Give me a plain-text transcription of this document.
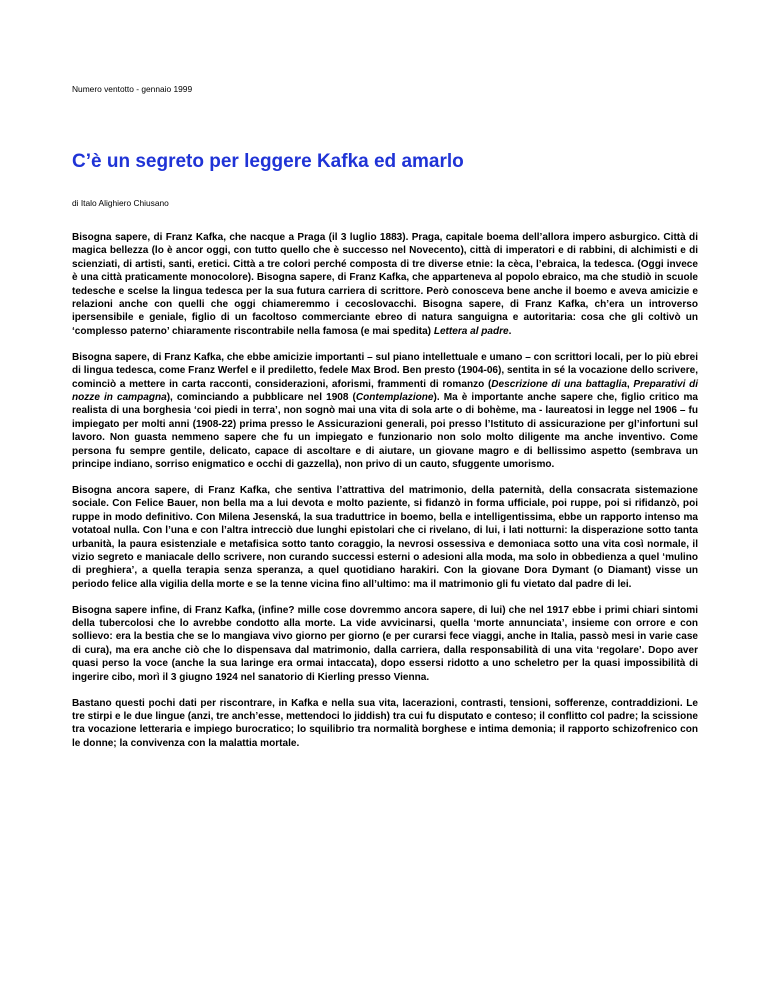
Numero ventotto - gennaio 1999
C’è un segreto per leggere Kafka ed amarlo
di Italo Alighiero Chiusano

Bisogna sapere, di Franz Kafka, che nacque a Praga (il 3 luglio 1883). Praga, capitale boema dell’allora impero asburgico. Città di magica bellezza (lo è ancor oggi, con tutto quello che è successo nel Novecento), città di imperatori e di rabbini, di alchimisti e di scienziati, di artisti, santi, eretici. Città a tre colori perché composta di tre diverse etnie: la cèca, l’ebraica, la tedesca. (Oggi invece è una città praticamente monocolore). Bisogna sapere, di Franz Kafka, che apparteneva al popolo ebraico, ma che studiò in scuole tedesche e scelse la lingua tedesca per la sua futura carriera di scrittore. Però conosceva bene anche il boemo e aveva amicizie e relazioni anche con quelli che oggi chiameremmo i cecoslovacchi. Bisogna sapere, di Franz Kafka, ch’era un introverso ipersensibile e geniale, figlio di un facoltoso commerciante ebreo di natura sanguigna e autoritaria: cosa che gli coltivò un ‘complesso paterno’ chiaramente riscontrabile nella famosa (e mai spedita) Lettera al padre.

Bisogna sapere, di Franz Kafka, che ebbe amicizie importanti – sul piano intellettuale e umano – con scrittori locali, per lo più ebrei di lingua tedesca, come Franz Werfel e il prediletto, fedele Max Brod. Ben presto (1904-06), sentita in sé la vocazione dello scrivere, cominciò a mettere in carta racconti, considerazioni, aforismi, frammenti di romanzo (Descrizione di una battaglia, Preparativi di nozze in campagna), cominciando a pubblicare nel 1908 (Contemplazione). Ma è importante anche sapere che, figlio critico ma realista di una borghesia ‘coi piedi in terra’, non sognò mai una vita di sola arte o di bohème, ma - laureatosi in legge nel 1906 – fu impiegato per molti anni (1908-22) prima presso le Assicurazioni generali, poi presso l’Istituto di assicurazione per gl’infortuni sul lavoro. Non guasta nemmeno sapere che fu un impiegato e funzionario non solo molto diligente ma anche inventivo. Come persona fu sempre gentile, delicato, capace di ascoltare e di aiutare, un giovane magro e di bellissimo aspetto (sembrava un principe indiano, sorriso enigmatico e occhi di gazzella), non privo di un cauto, sfuggente umorismo.

Bisogna ancora sapere, di Franz Kafka, che sentiva l’attrattiva del matrimonio, della paternità, della consacrata sistemazione sociale. Con Felice Bauer, non bella ma a lui devota e molto paziente, si fidanzò in forma ufficiale, poi ruppe, poi si rifidanzò, poi ruppe in modo definitivo. Con Milena Jesenská, la sua traduttrice in boemo, bella e intelligentissima, ebbe un rapporto intenso ma votatoal nulla. Con l’una e con l’altra intrecciò due lunghi epistolari che ci rivelano, di lui, i lati notturni: la disperazione sotto tanta urbanità, la paura esistenziale e metafisica sotto tanto coraggio, la nevrosi ossessiva e demoniaca sotto una vita così normale, il vizio segreto e maniacale dello scrivere, non curando successi esterni o adesioni alla moda, ma solo in obbedienza a quel ‘mulino di preghiera’, a quella terapia senza speranza, a quel quotidiano harakiri. Con la giovane Dora Dymant (o Diamant) visse un periodo felice alla vigilia della morte e se la tenne vicina fino all’ultimo: ma il matrimonio gli fu vietato dal padre di lei.

Bisogna sapere infine, di Franz Kafka, (infine? mille cose dovremmo ancora sapere, di lui) che nel 1917 ebbe i primi chiari sintomi della tubercolosi che lo avrebbe condotto alla morte. La vide avvicinarsi, quella ‘morte annunciata’, insieme con orrore e con sollievo: era la bestia che se lo mangiava vivo giorno per giorno (e per curarsi fece viaggi, anche in Italia, passò mesi in varie case di cura), ma era anche ciò che lo dispensava dal matrimonio, dalla carriera, dalla responsabilità di una vita ‘regolare’. Dopo aver quasi perso la voce (anche la sua laringe era ormai intaccata), dopo essersi ridotto a uno scheletro per la quasi impossibilità di ingerire cibo, morì il 3 giugno 1924 nel sanatorio di Kierling presso Vienna.

Bastano questi pochi dati per riscontrare, in Kafka e nella sua vita, lacerazioni, contrasti, tensioni, sofferenze, contraddizioni. Le tre stirpi e le due lingue (anzi, tre anch’esse, mettendoci lo jiddish) tra cui fu disputato e conteso; il conflitto col padre; la scissione tra vocazione letteraria e impiego burocratico; lo squilibrio tra normalità borghese e intima demonia; il rapporto schizofrenico con le donne; la convivenza con la malattia mortale.
